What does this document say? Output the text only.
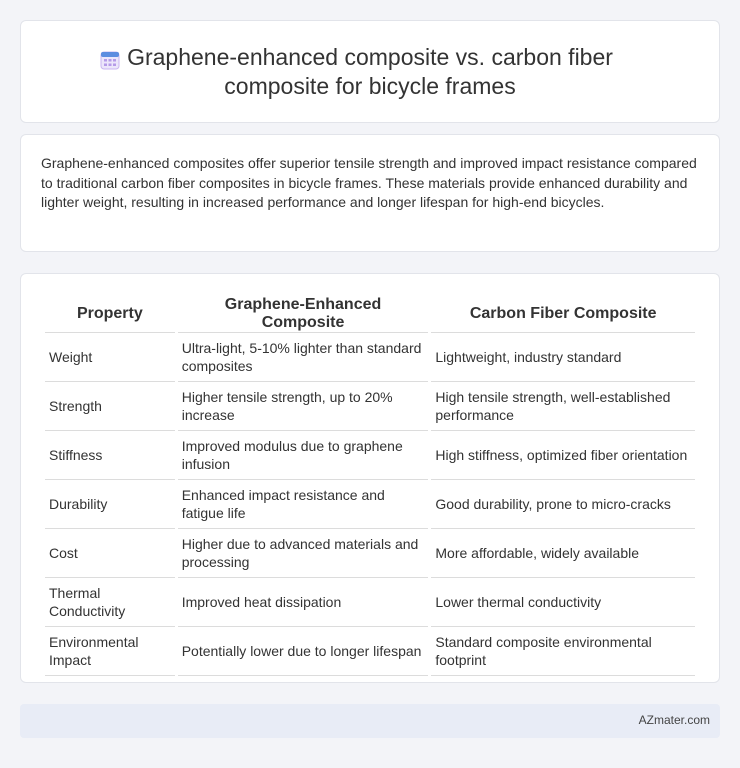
Graphene-enhanced composite vs. carbon fiber composite for bicycle frames

Graphene-enhanced composites offer superior tensile strength and improved impact resistance compared to traditional carbon fiber composites in bicycle frames. These materials provide enhanced durability and lighter weight, resulting in increased performance and longer lifespan for high-end bicycles.

Property	Graphene-Enhanced Composite	Carbon Fiber Composite
Weight	Ultra-light, 5-10% lighter than standard composites	Lightweight, industry standard
Strength	Higher tensile strength, up to 20% increase	High tensile strength, well-established performance
Stiffness	Improved modulus due to graphene infusion	High stiffness, optimized fiber orientation
Durability	Enhanced impact resistance and fatigue life	Good durability, prone to micro-cracks
Cost	Higher due to advanced materials and processing	More affordable, widely available
Thermal Conductivity	Improved heat dissipation	Lower thermal conductivity
Environmental Impact	Potentially lower due to longer lifespan	Standard composite environmental footprint
AZmater.com
